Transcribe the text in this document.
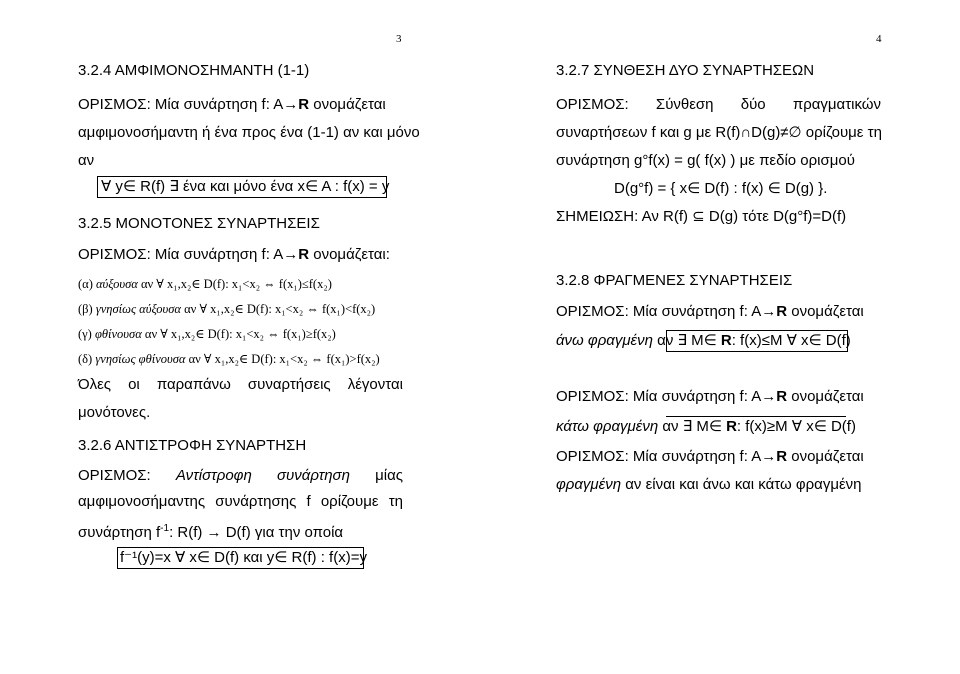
3
3.2.4 ΑΜΦΙΜΟΝΟΣΗΜΑΝΤΗ (1-1)
ΟΡΙΣΜΟΣ: Μία συνάρτηση f: A→R ονομάζεται
αμφιμονοσήμαντη ή ένα προς ένα (1-1) αν και μόνο
αν
∀ y∈ R(f) ∃ ένα και μόνο ένα x∈ A : f(x) = y
3.2.5 ΜΟΝΟΤΟΝΕΣ ΣΥΝΑΡΤΗΣΕΙΣ
ΟΡΙΣΜΟΣ: Μία συνάρτηση f: A→R ονομάζεται:
(α) αύξουσα αν ∀ x₁,x₂∈ D(f): x₁<x₂ ⇔ f(x₁)≤f(x₂)
(β) γνησίως αύξουσα αν ∀ x₁,x₂∈ D(f): x₁<x₂ ⇔ f(x₁)<f(x₂)
(γ) φθίνουσα αν ∀ x₁,x₂∈ D(f): x₁<x₂ ⇔ f(x₁)≥f(x₂)
(δ) γνησίως φθίνουσα αν ∀ x₁,x₂∈ D(f): x₁<x₂ ⇔ f(x₁)>f(x₂)
Όλες οι παραπάνω συναρτήσεις λέγονται
μονότονες.
3.2.6 ΑΝΤΙΣΤΡΟΦΗ ΣΥΝΑΡΤΗΣΗ
ΟΡΙΣΜΟΣ: Αντίστροφη συνάρτηση μίας
αμφιμονοσήμαντης συνάρτησης f ορίζουμε τη
συνάρτηση $f^{-1}$: R(f) → D(f) για την οποία
f⁻¹(y)=x ∀ x∈ D(f) και y∈ R(f) : f(x)=y
4
3.2.7 ΣΥΝΘΕΣΗ ΔΥΟ ΣΥΝΑΡΤΗΣΕΩΝ
ΟΡΙΣΜΟΣ: Σύνθεση δύο πραγματικών
συναρτήσεων f και g με R(f)∩D(g)≠∅ ορίζουμε τη
συνάρτηση g°f(x) = g( f(x) ) με πεδίο ορισμού
D(g°f) = { x∈ D(f) : f(x) ∈ D(g) }.
ΣΗΜΕΙΩΣΗ: Αν R(f) ⊆ D(g) τότε D(g°f)=D(f)
3.2.8 ΦΡΑΓΜΕΝΕΣ ΣΥΝΑΡΤΗΣΕΙΣ
ΟΡΙΣΜΟΣ: Μία συνάρτηση f: A→R ονομάζεται
άνω φραγμένη αν ∃ M∈ R: f(x)≤M ∀ x∈ D(f)
ΟΡΙΣΜΟΣ: Μία συνάρτηση f: A→R ονομάζεται
κάτω φραγμένη αν ∃ M∈ R: f(x)≥M ∀ x∈ D(f)
ΟΡΙΣΜΟΣ: Μία συνάρτηση f: A→R ονομάζεται
φραγμένη αν είναι και άνω και κάτω φραγμένη
